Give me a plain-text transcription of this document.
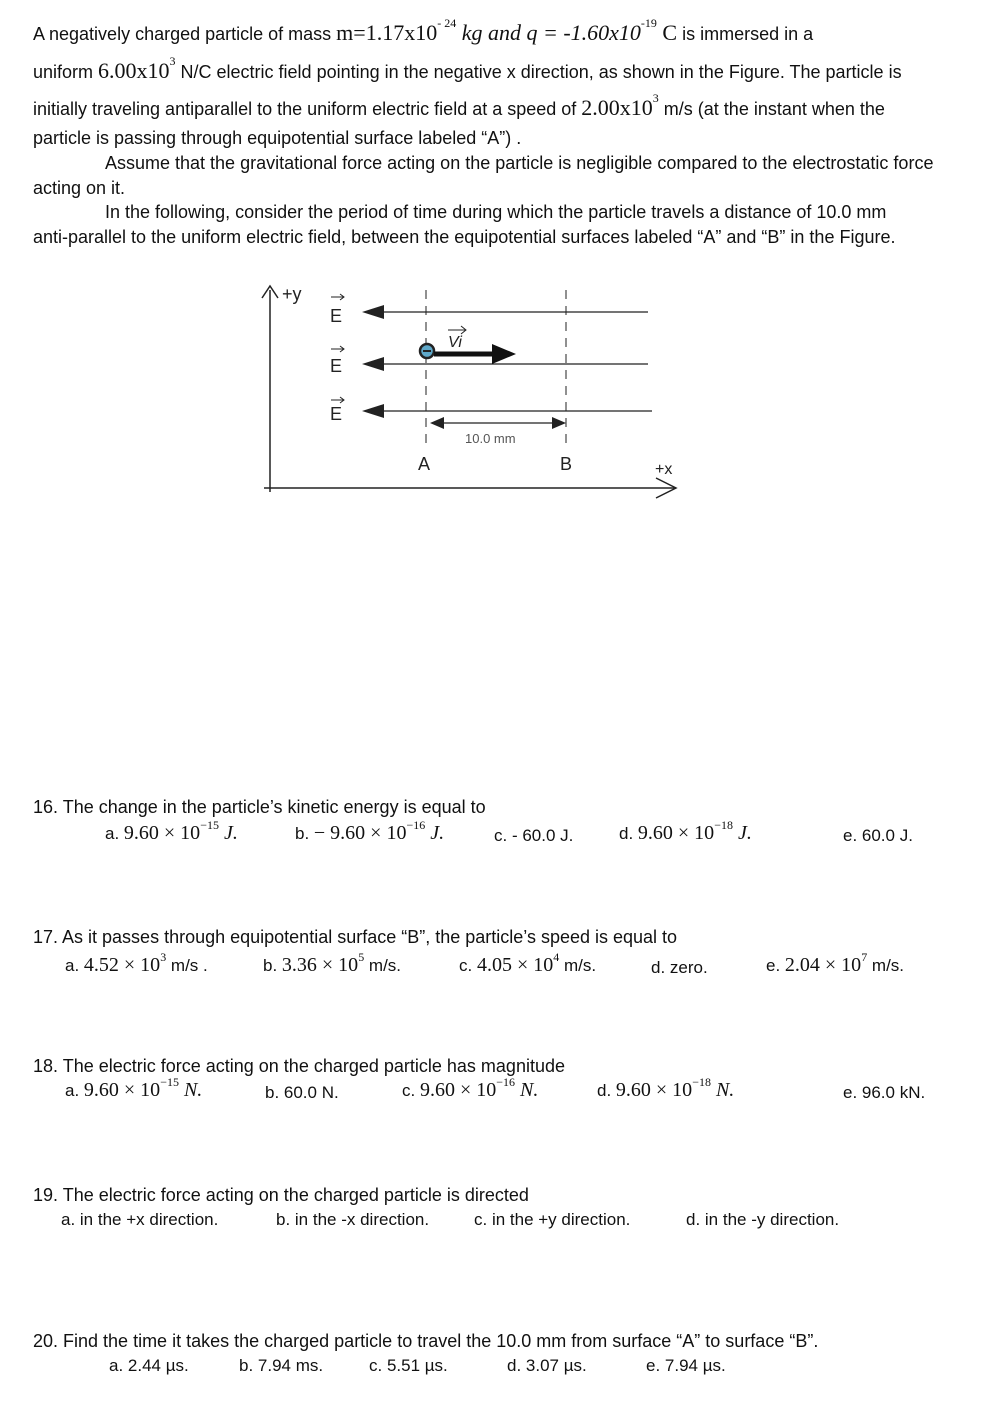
A negatively charged particle of mass $m=1.17x10^{- 24}$ kg and $q = -1.60x10^{-19}$ C is immersed in a
uniform $6.00x10^3$ N/C electric field pointing in the negative x direction, as shown in the Figure. The particle is
initially traveling antiparallel to the uniform electric field at a speed of $2.00x10^3$ m/s (at the instant when the
particle is passing through equipotential surface labeled “A”) .
Assume that the gravitational force acting on the particle is negligible compared to the electrostatic force
acting on it.
In the following, consider the period of time during which the particle travels a distance of 10.0 mm
anti-parallel to the uniform electric field, between the equipotential surfaces labeled “A” and “B” in the Figure.
+y
+x
E
E
E
A	B
Vi
10.0 mm
16. The change in the particle’s kinetic energy is equal to
a. $9.60 \times 10^{-15}$ J.	b. − $9.60 \times 10^{-16}$ J.	c. - 60.0 J.	d. $9.60 \times 10^{-18}$ J.	e. 60.0 J.
17. As it passes through equipotential surface “B”, the particle’s speed is equal to
a. $4.52 \times 10^3$ m/s .	b. $3.36 \times 10^5$ m/s.	c. $4.05 \times 10^4$ m/s.	d. zero.	e. $2.04 \times 10^7$ m/s.
18. The electric force acting on the charged particle has magnitude
a. $9.60 \times 10^{-15}$ N.	b. 60.0 N.	c. $9.60 \times 10^{-16}$ N.	d. $9.60 \times 10^{-18}$ N.	e. 96.0 kN.
19. The electric force acting on the charged particle is directed
a. in the +x direction.	b. in the -x direction.	c. in the +y direction.	d. in the -y direction.
20. Find the time it takes the charged particle to travel the 10.0 mm from surface “A” to surface “B”.
a. 2.44 µs.	b. 7.94 ms.	c. 5.51 µs.	d. 3.07 µs.	e. 7.94 µs.
